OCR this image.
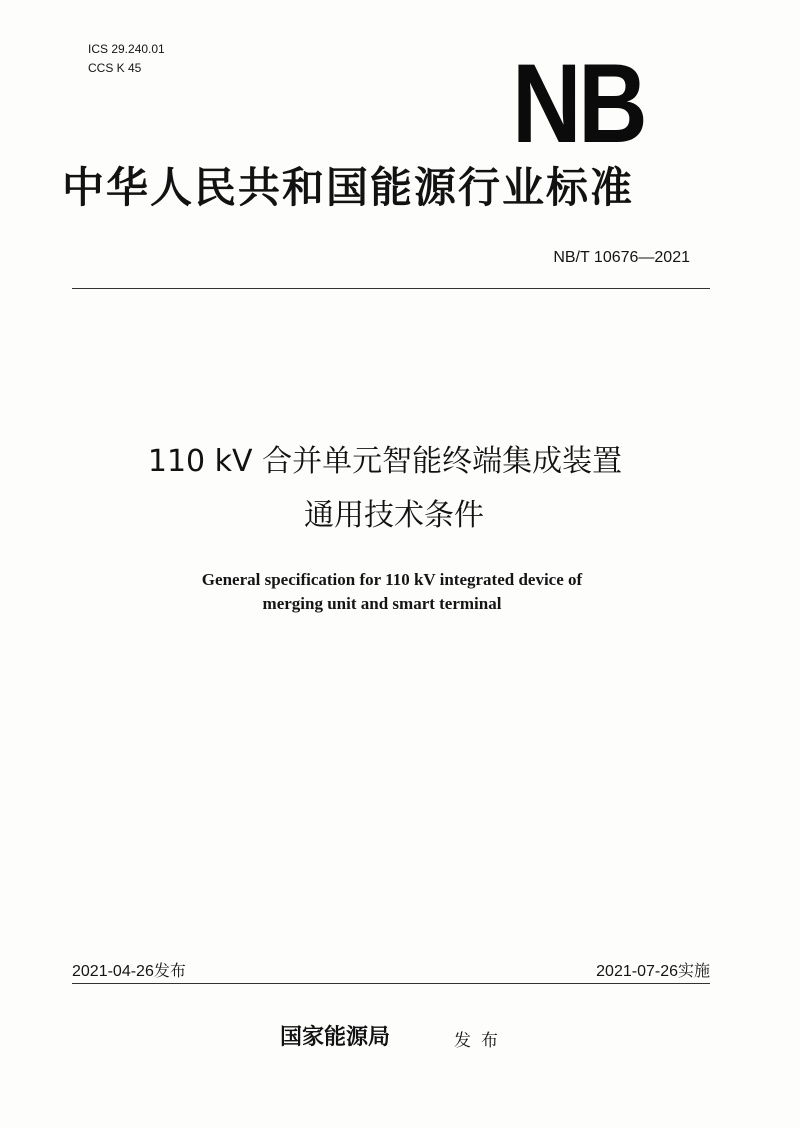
ICS 29.240.01
CCS K 45	NB
中华人民共和国能源行业标准
NB/T 10676—2021
110 kV 合并单元智能终端集成装置
通用技术条件
General specification for 110 kV integrated device of
merging unit and smart terminal
2021-04-26发布	2021-07-26实施
国家能源局	发布
